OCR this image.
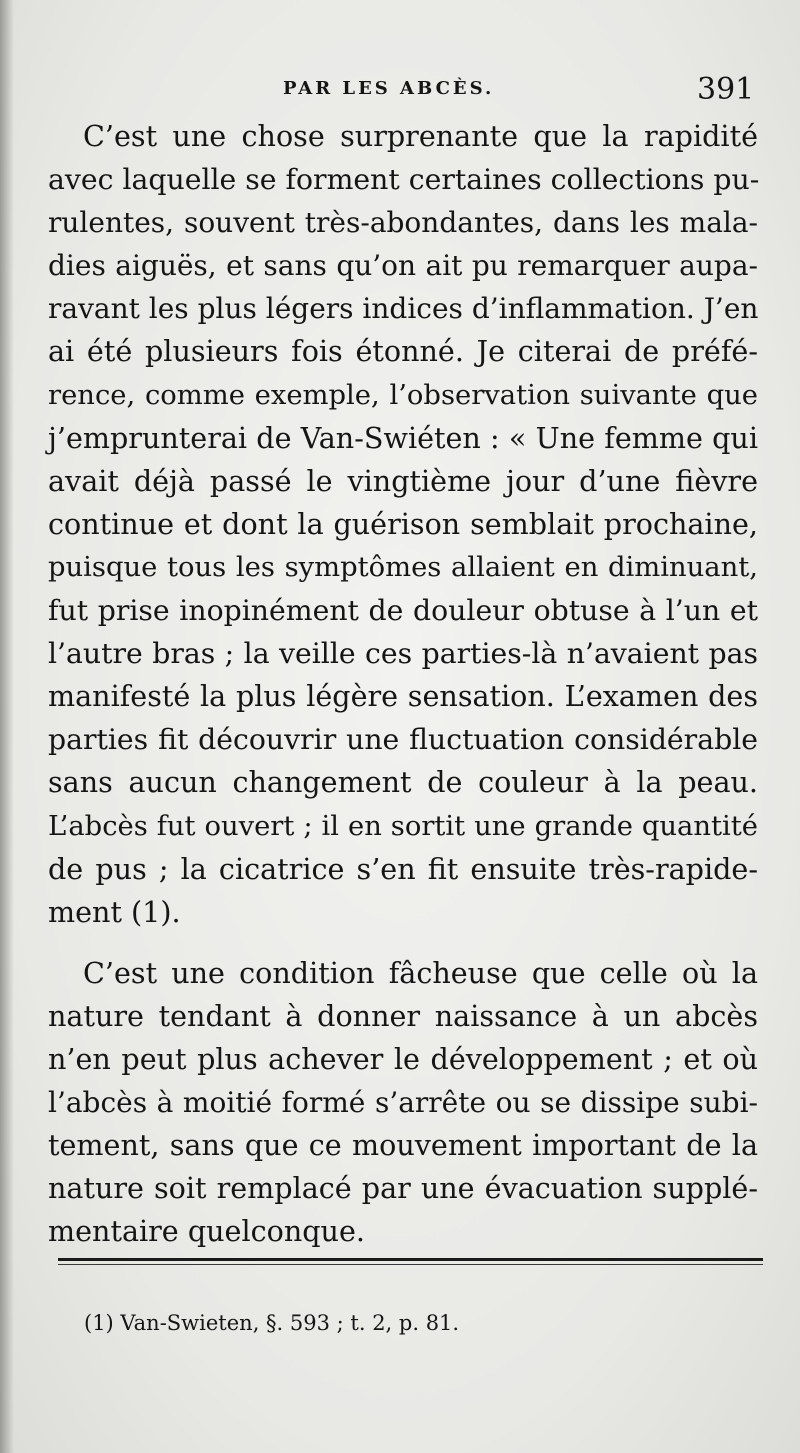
PAR LES ABCÈS.	391
C’est une chose surprenante que la rapidité
avec laquelle se forment certaines collections pu-
rulentes, souvent très-abondantes, dans les mala-
dies aiguës, et sans qu’on ait pu remarquer aupa-
ravant les plus légers indices d’inflammation. J’en
ai été plusieurs fois étonné. Je citerai de préfé-
rence, comme exemple, l’observation suivante que
j’emprunterai de Van-Swiéten : « Une femme qui
avait déjà passé le vingtième jour d’une fièvre
continue et dont la guérison semblait prochaine,
puisque tous les symptômes allaient en diminuant,
fut prise inopinément de douleur obtuse à l’un et
l’autre bras ; la veille ces parties-là n’avaient pas
manifesté la plus légère sensation. L’examen des
parties fit découvrir une fluctuation considérable
sans aucun changement de couleur à la peau.
L’abcès fut ouvert ; il en sortit une grande quantité
de pus ; la cicatrice s’en fit ensuite très-rapide-
ment (1).
C’est une condition fâcheuse que celle où la
nature tendant à donner naissance à un abcès
n’en peut plus achever le développement ; et où
l’abcès à moitié formé s’arrête ou se dissipe subi-
tement, sans que ce mouvement important de la
nature soit remplacé par une évacuation supplé-
mentaire quelconque.
(1) Van-Swieten, §. 593 ; t. 2, p. 81.
